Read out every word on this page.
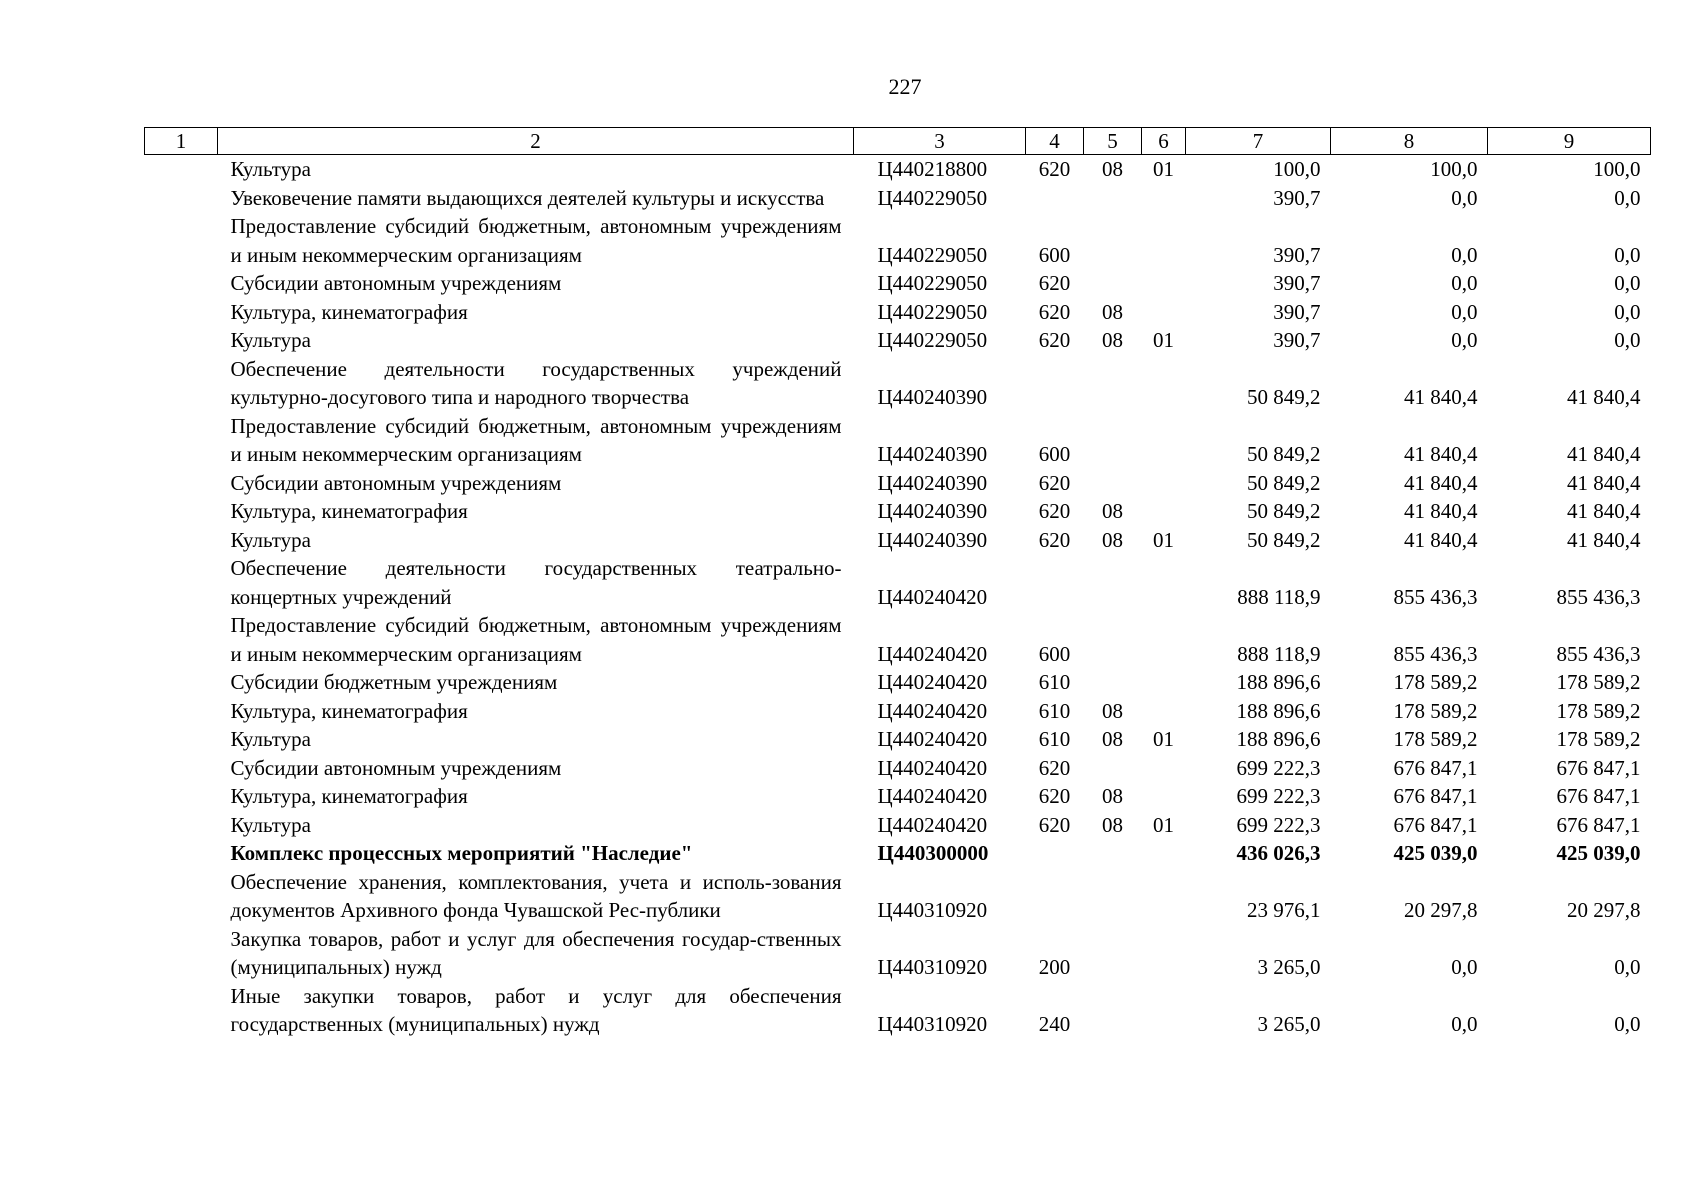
227
1	2	3	4	5	6	7	8	9
	Культура	Ц440218800	620	08	01	100,0	100,0	100,0
	Увековечение памяти выдающихся деятелей культуры и искусства	Ц440229050				390,7	0,0	0,0
	Предоставление субсидий бюджетным, автономным учреждениям и иным некоммерческим организациям	Ц440229050	600			390,7	0,0	0,0
	Субсидии автономным учреждениям	Ц440229050	620			390,7	0,0	0,0
	Культура, кинематография	Ц440229050	620	08		390,7	0,0	0,0
	Культура	Ц440229050	620	08	01	390,7	0,0	0,0
	Обеспечение деятельности государственных учреждений культурно-досугового типа и народного творчества	Ц440240390				50 849,2	41 840,4	41 840,4
	Предоставление субсидий бюджетным, автономным учреждениям и иным некоммерческим организациям	Ц440240390	600			50 849,2	41 840,4	41 840,4
	Субсидии автономным учреждениям	Ц440240390	620			50 849,2	41 840,4	41 840,4
	Культура, кинематография	Ц440240390	620	08		50 849,2	41 840,4	41 840,4
	Культура	Ц440240390	620	08	01	50 849,2	41 840,4	41 840,4
	Обеспечение деятельности государственных театрально-концертных учреждений	Ц440240420				888 118,9	855 436,3	855 436,3
	Предоставление субсидий бюджетным, автономным учреждениям и иным некоммерческим организациям	Ц440240420	600			888 118,9	855 436,3	855 436,3
	Субсидии бюджетным учреждениям	Ц440240420	610			188 896,6	178 589,2	178 589,2
	Культура, кинематография	Ц440240420	610	08		188 896,6	178 589,2	178 589,2
	Культура	Ц440240420	610	08	01	188 896,6	178 589,2	178 589,2
	Субсидии автономным учреждениям	Ц440240420	620			699 222,3	676 847,1	676 847,1
	Культура, кинематография	Ц440240420	620	08		699 222,3	676 847,1	676 847,1
	Культура	Ц440240420	620	08	01	699 222,3	676 847,1	676 847,1
	Комплекс процессных мероприятий "Наследие"	Ц440300000				436 026,3	425 039,0	425 039,0
	Обеспечение хранения, комплектования, учета и исполь-зования документов Архивного фонда Чувашской Рес-публики	Ц440310920				23 976,1	20 297,8	20 297,8
	Закупка товаров, работ и услуг для обеспечения государ-ственных (муниципальных) нужд	Ц440310920	200			3 265,0	0,0	0,0
	Иные закупки товаров, работ и услуг для обеспечения государственных (муниципальных) нужд	Ц440310920	240			3 265,0	0,0	0,0
